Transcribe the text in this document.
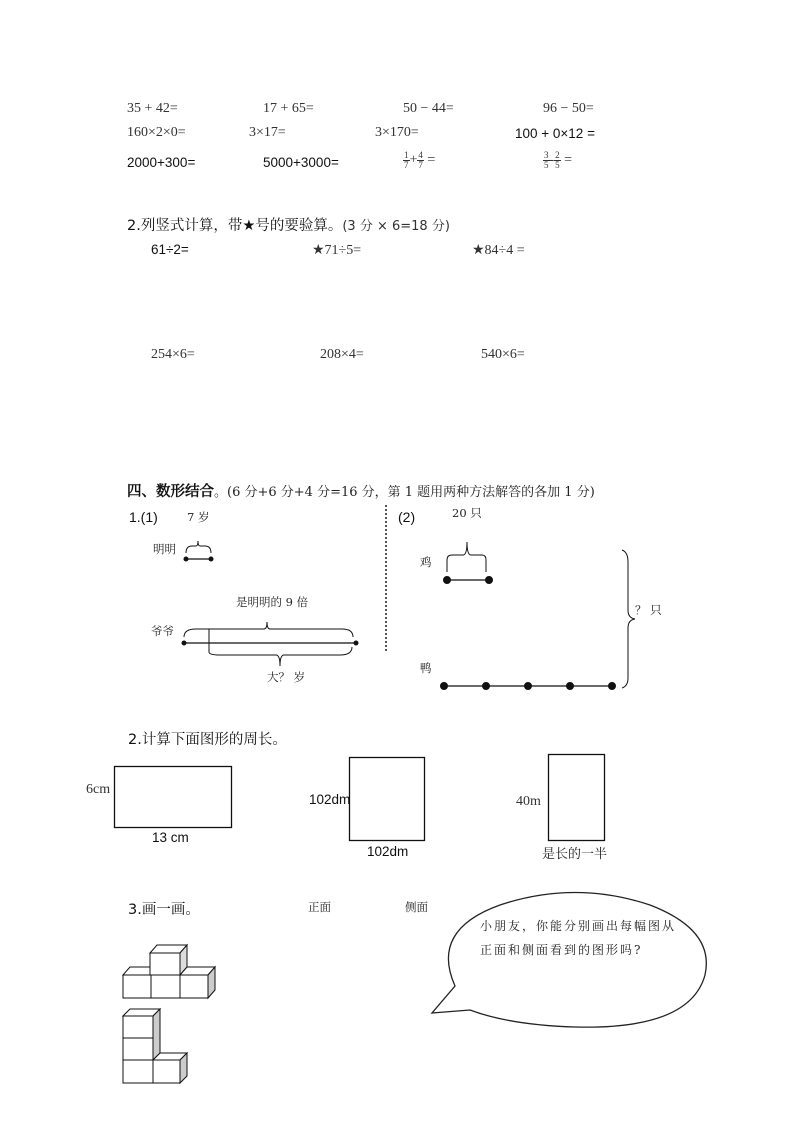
35 + 42=	17 + 65=	50 − 44=	96 − 50=
160×2×0=	3×17=	3×170=	100 + 0×12 =
2000+300=	5000+3000=	$\frac{1}{7} + \frac{4}{7}$ =	$\frac{3}{5} - \frac{2}{5}$ =
2.列竖式计算，带★号的要验算。(3 分 × 6=18 分)
61÷2=	★71÷5=	★84÷4 =
254×6=	208×4=	540×6=
四、数形结合。(6 分+6 分+4 分=16 分，第 1 题用两种方法解答的各加 1 分)
1.(1)	7 岁	(2)	20 只
明明
是明明的 9 倍
爷爷
大？ 岁
鸡
鸭
？ 只
2.计算下面图形的周长。
6cm
13 cm
102dm
102dm
40m
是长的一半
3.画一画。	正面	侧面
小朋友，你能分别画出每幅图从正面和侧面看到的图形吗?
